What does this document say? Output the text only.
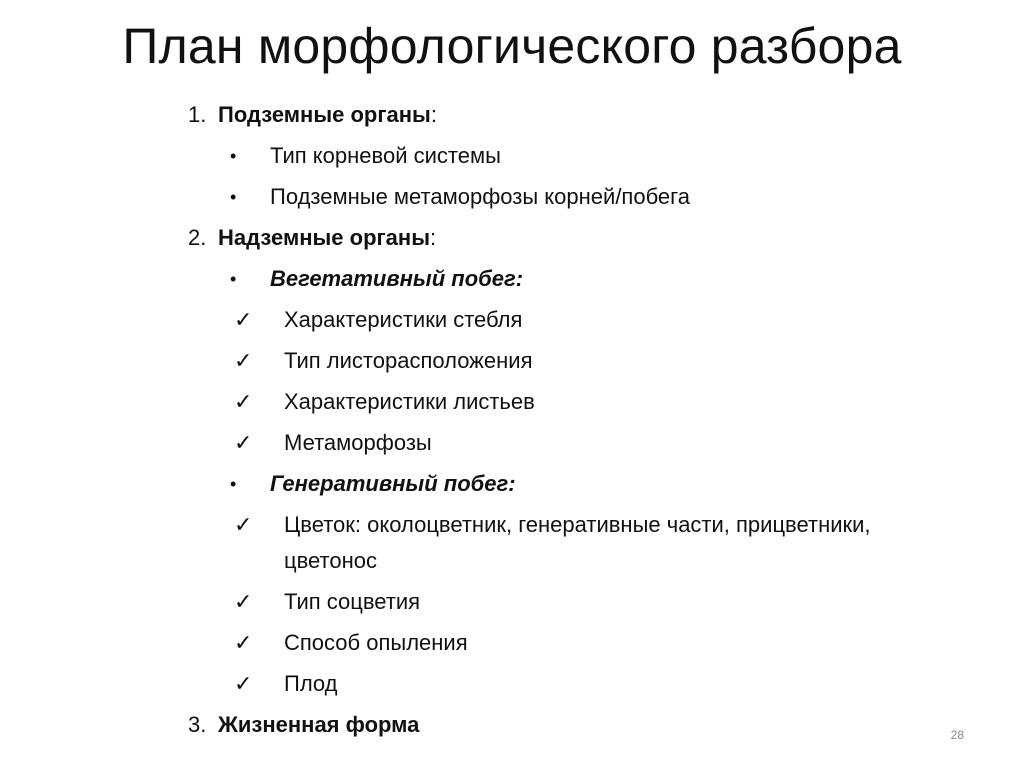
План морфологического разбора
1. Подземные органы:
•	Тип корневой системы
•	Подземные метаморфозы корней/побега
2. Надземные органы:
•	Вегетативный побег:
✓ Характеристики стебля
✓ Тип листорасположения
✓ Характеристики листьев
✓ Метаморфозы
•	Генеративный побег:
✓ Цветок: околоцветник, генеративные части, прицветники, цветонос
✓ Тип соцветия
✓ Способ опыления
✓ Плод
3. Жизненная форма	28
